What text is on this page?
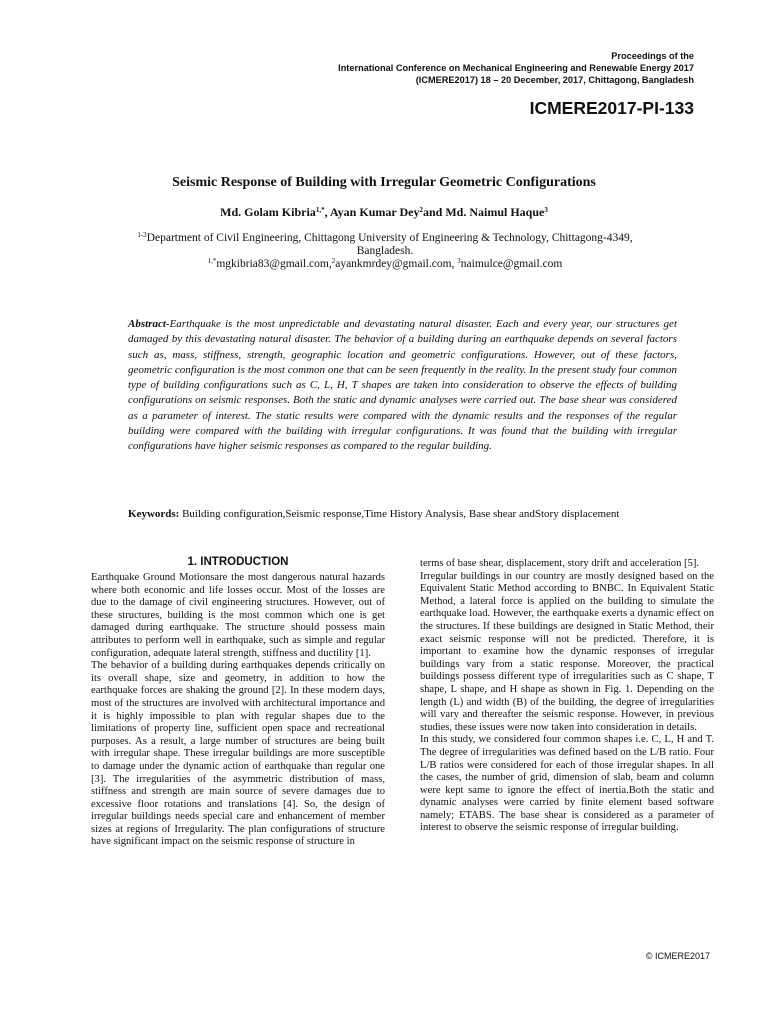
Proceedings of the
International Conference on Mechanical Engineering and Renewable Energy 2017
(ICMERE2017) 18 – 20 December, 2017, Chittagong, Bangladesh
ICMERE2017-PI-133
Seismic Response of Building with Irregular Geometric Configurations
Md. Golam Kibria$^{1,*}$, Ayan Kumar Dey$^2$and Md. Naimul Haque$^3$
$^{1-3}$Department of Civil Engineering, Chittagong University of Engineering & Technology, Chittagong-4349,
Bangladesh.
$^{1,*}$mgkibria83@gmail.com,$^2$ayankmrdey@gmail.com, $^3$naimulce@gmail.com
Abstract-Earthquake is the most unpredictable and devastating natural disaster. Each and every year, our structures get damaged by this devastating natural disaster. The behavior of a building during an earthquake depends on several factors such as, mass, stiffness, strength, geographic location and geometric configurations. However, out of these factors, geometric configuration is the most common one that can be seen frequently in the reality. In the present study four common type of building configurations such as C, L, H, T shapes are taken into consideration to observe the effects of building configurations on seismic responses. Both the static and dynamic analyses were carried out. The base shear was considered as a parameter of interest. The static results were compared with the dynamic results and the responses of the regular building were compared with the building with irregular configurations. It was found that the building with irregular configurations have higher seismic responses as compared to the regular building.
Keywords: Building configuration,Seismic response,Time History Analysis, Base shear andStory displacement
1. INTRODUCTION

Earthquake Ground Motionsare the most dangerous natural hazards where both economic and life losses occur. Most of the losses are due to the damage of civil engineering structures. However, out of these structures, building is the most common which one is get damaged during earthquake. The structure should possess main attributes to perform well in earthquake, such as simple and regular configuration, adequate lateral strength, stiffness and ductility [1].

The behavior of a building during earthquakes depends critically on its overall shape, size and geometry, in addition to how the earthquake forces are shaking the ground [2]. In these modern days, most of the structures are involved with architectural importance and it is highly impossible to plan with regular shapes due to the limitations of property line, sufficient open space and recreational purposes. As a result, a large number of structures are being built with irregular shape. These irregular buildings are more susceptible to damage under the dynamic action of earthquake than regular one [3]. The irregularities of the asymmetric distribution of mass, stiffness and strength are main source of severe damages due to excessive floor rotations and translations [4]. So, the design of irregular buildings needs special care and enhancement of member sizes at regions of Irregularity. The plan configurations of structure have significant impact on the seismic response of structure in

terms of base shear, displacement, story drift and acceleration [5].

Irregular buildings in our country are mostly designed based on the Equivalent Static Method according to BNBC. In Equivalent Static Method, a lateral force is applied on the building to simulate the earthquake load. However, the earthquake exerts a dynamic effect on the structures. If these buildings are designed in Static Method, their exact seismic response will not be predicted. Therefore, it is important to examine how the dynamic responses of irregular buildings vary from a static response. Moreover, the practical buildings possess different type of irregularities such as C shape, T shape, L shape, and H shape as shown in Fig. 1. Depending on the length (L) and width (B) of the building, the degree of irregularities will vary and thereafter the seismic response. However, in previous studies, these issues were now taken into consideration in details.

In this study, we considered four common shapes i.e. C, L, H and T. The degree of irregularities was defined based on the L/B ratio. Four L/B ratios were considered for each of those irregular shapes. In all the cases, the number of grid, dimension of slab, beam and column were kept same to ignore the effect of inertia.Both the static and dynamic analyses were carried by finite element based software namely; ETABS. The base shear is considered as a parameter of interest to observe the seismic response of irregular building.

© ICMERE2017
